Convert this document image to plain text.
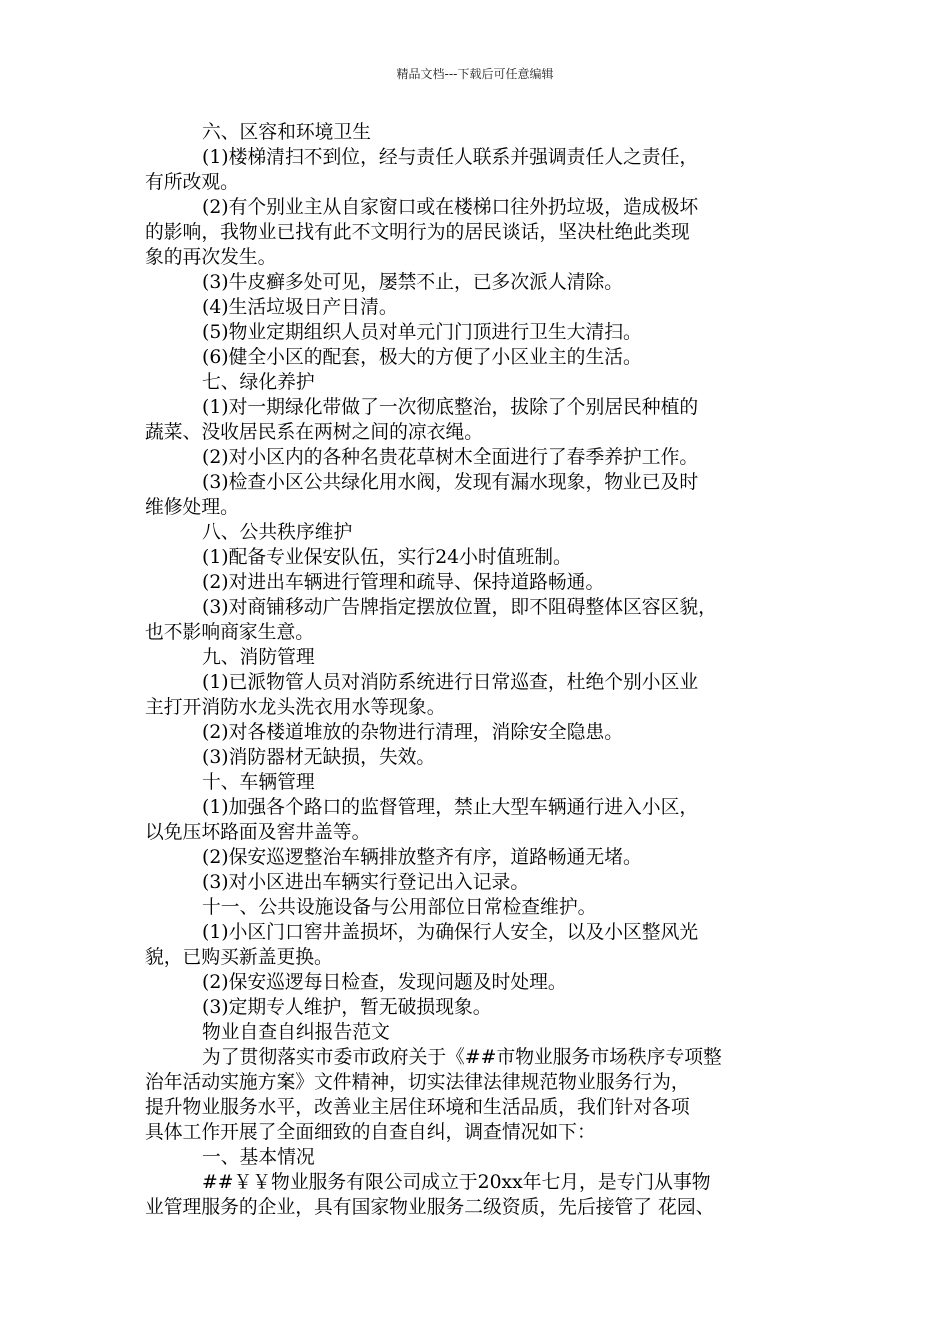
精品文档---下载后可任意编辑
六、区容和环境卫生
(1)楼梯清扫不到位，经与责任人联系并强调责任人之责任，
有所改观。
(2)有个别业主从自家窗口或在楼梯口往外扔垃圾，造成极坏
的影响，我物业已找有此不文明行为的居民谈话，坚决杜绝此类现
象的再次发生。
(3)牛皮癣多处可见，屡禁不止，已多次派人清除。
(4)生活垃圾日产日清。
(5)物业定期组织人员对单元门门顶进行卫生大清扫。
(6)健全小区的配套，极大的方便了小区业主的生活。
七、绿化养护
(1)对一期绿化带做了一次彻底整治，拔除了个别居民种植的
蔬菜、没收居民系在两树之间的凉衣绳。
(2)对小区内的各种名贵花草树木全面进行了春季养护工作。
(3)检查小区公共绿化用水阀，发现有漏水现象，物业已及时
维修处理。
八、公共秩序维护
(1)配备专业保安队伍，实行24小时值班制。
(2)对进出车辆进行管理和疏导、保持道路畅通。
(3)对商铺移动广告牌指定摆放位置，即不阻碍整体区容区貌，
也不影响商家生意。
九、消防管理
(1)已派物管人员对消防系统进行日常巡查，杜绝个别小区业
主打开消防水龙头洗衣用水等现象。
(2)对各楼道堆放的杂物进行清理，消除安全隐患。
(3)消防器材无缺损，失效。
十、车辆管理
(1)加强各个路口的监督管理，禁止大型车辆通行进入小区，
以免压坏路面及窖井盖等。
(2)保安巡逻整治车辆排放整齐有序，道路畅通无堵。
(3)对小区进出车辆实行登记出入记录。
十一、公共设施设备与公用部位日常检查维护。
(1)小区门口窖井盖损坏，为确保行人安全，以及小区整风光
貌，已购买新盖更换。
(2)保安巡逻每日检查，发现问题及时处理。
(3)定期专人维护，暂无破损现象。
物业自查自纠报告范文
为了贯彻落实市委市政府关于《##市物业服务市场秩序专项整
治年活动实施方案》文件精神，切实法律法律规范物业服务行为，
提升物业服务水平，改善业主居住环境和生活品质，我们针对各项
具体工作开展了全面细致的自查自纠，调查情况如下：
一、基本情况
##￥￥物业服务有限公司成立于20xx年七月，是专门从事物
业管理服务的企业，具有国家物业服务二级资质，先后接管了 花园、
